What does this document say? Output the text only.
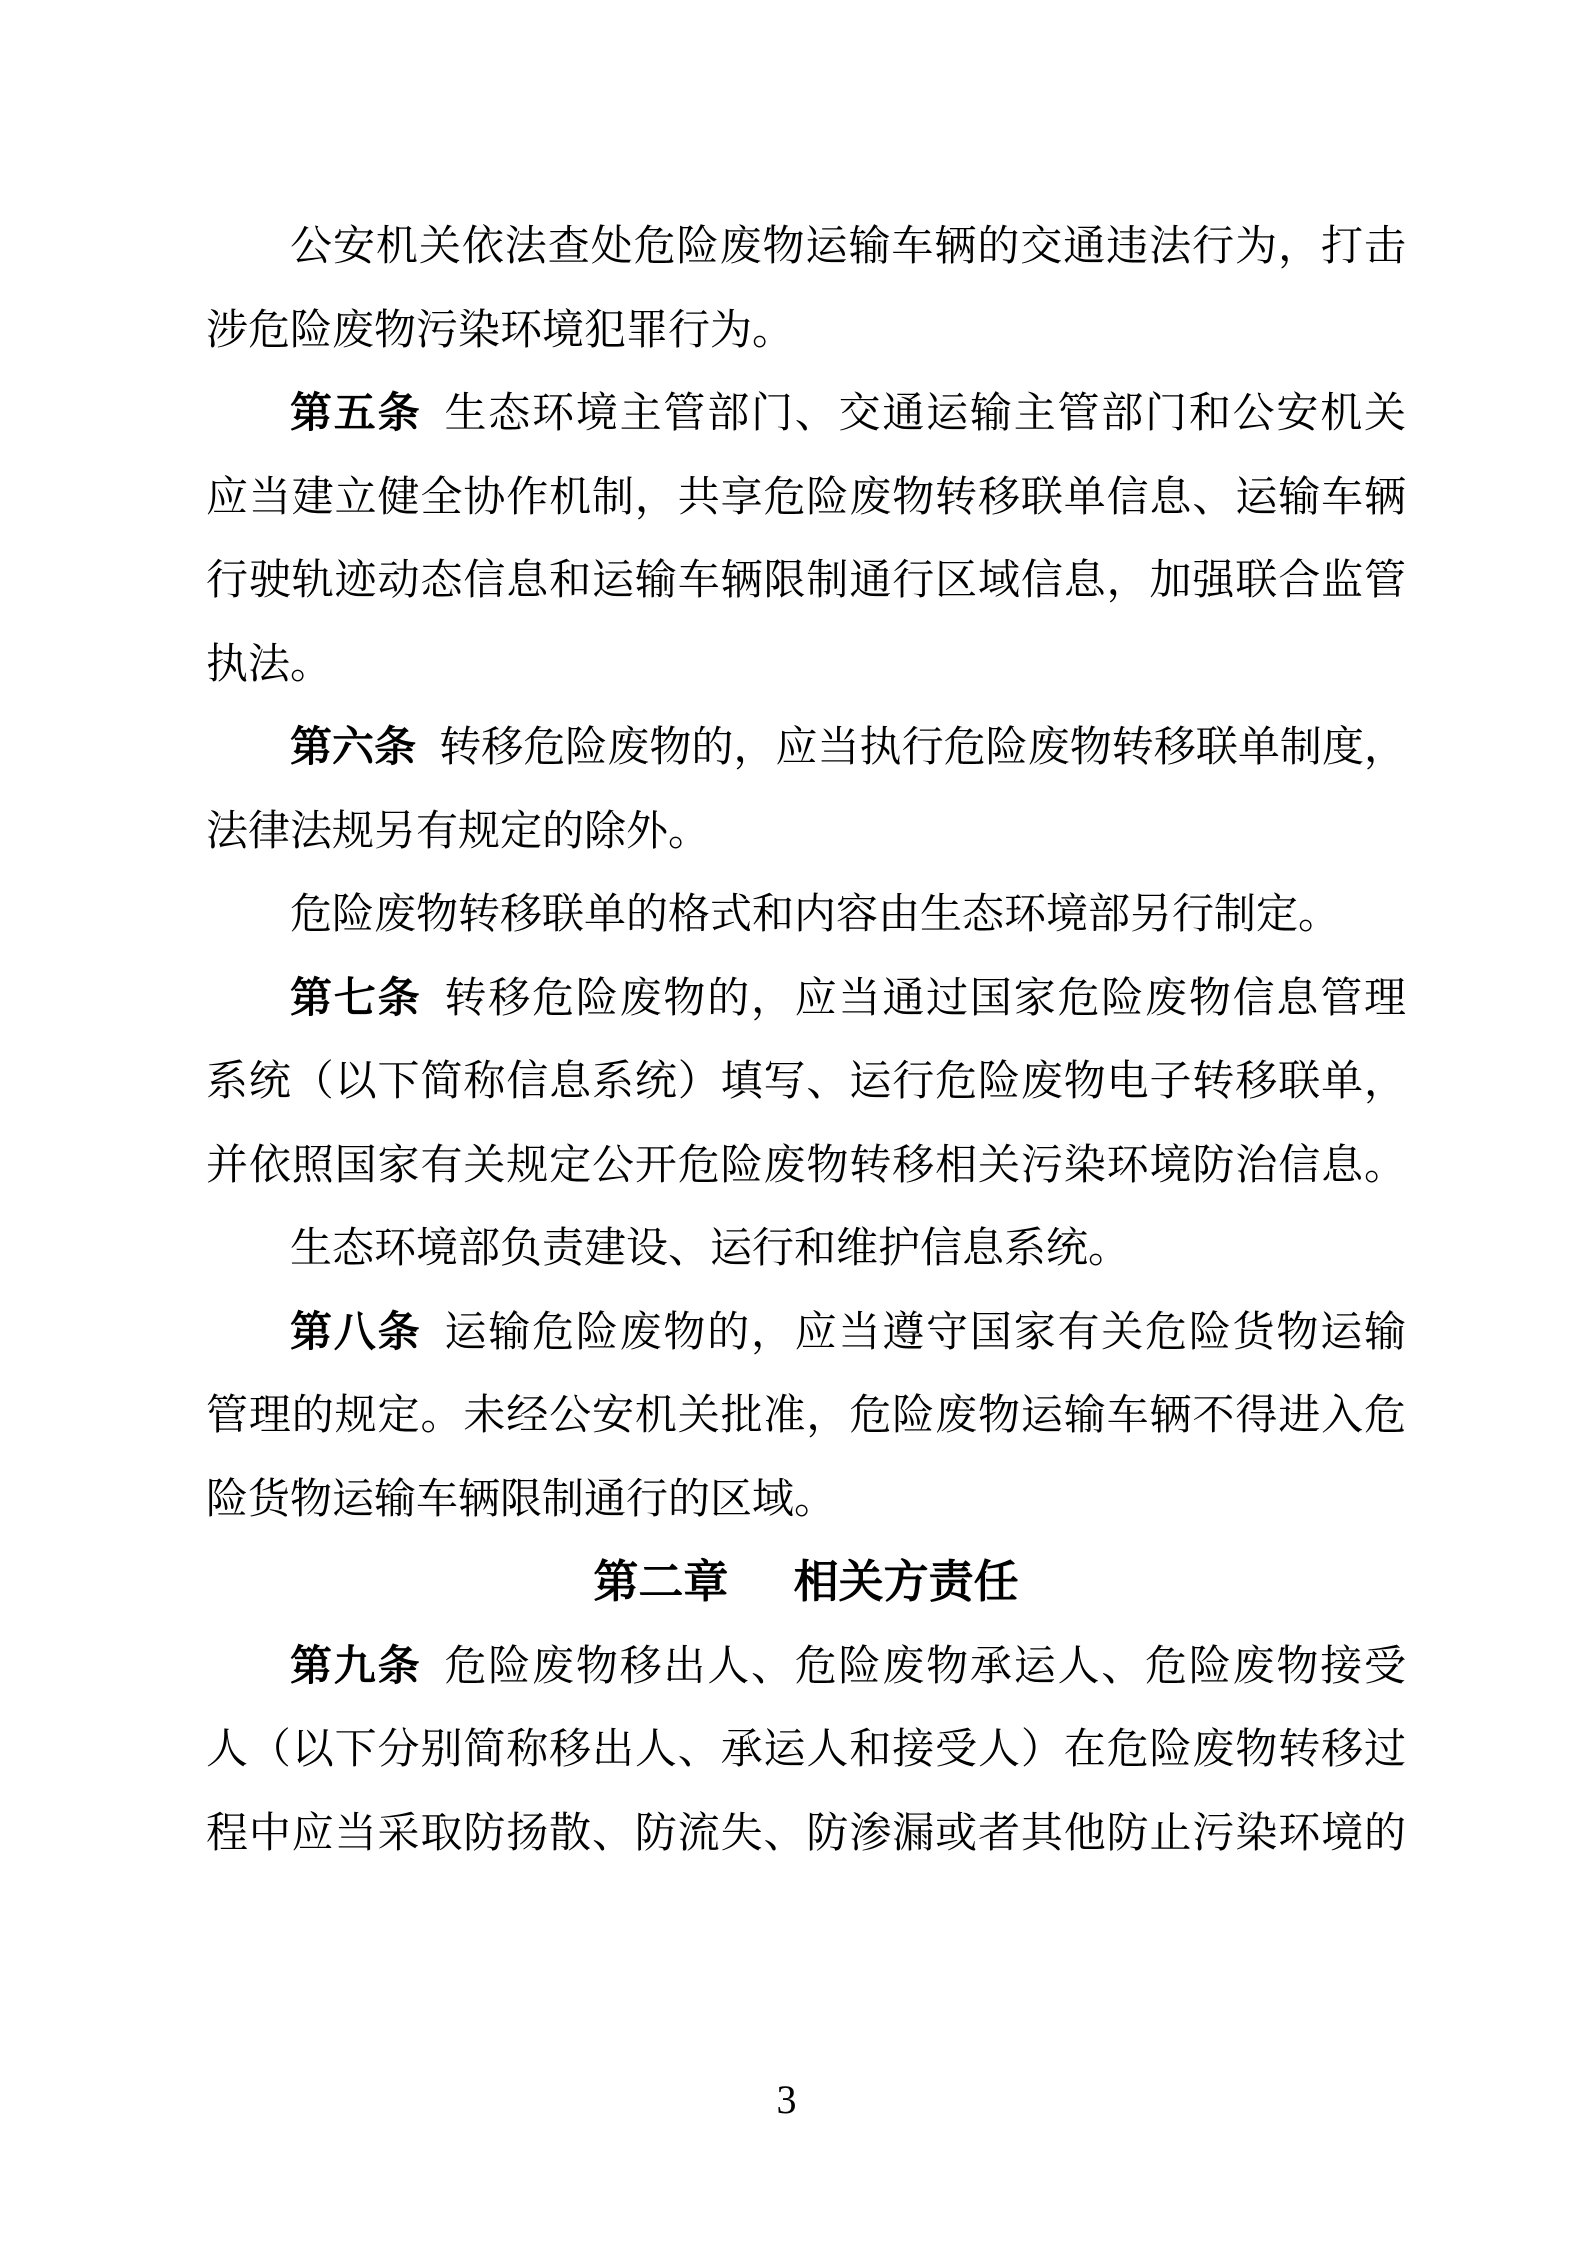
公安机关依法查处危险废物运输车辆的交通违法行为，打击
涉危险废物污染环境犯罪行为。
第五条 生态环境主管部门、交通运输主管部门和公安机关
应当建立健全协作机制，共享危险废物转移联单信息、运输车辆
行驶轨迹动态信息和运输车辆限制通行区域信息，加强联合监管
执法。
第六条 转移危险废物的，应当执行危险废物转移联单制度，
法律法规另有规定的除外。
危险废物转移联单的格式和内容由生态环境部另行制定。
第七条 转移危险废物的，应当通过国家危险废物信息管理
系统（以下简称信息系统）填写、运行危险废物电子转移联单，
并依照国家有关规定公开危险废物转移相关污染环境防治信息。
生态环境部负责建设、运行和维护信息系统。
第八条 运输危险废物的，应当遵守国家有关危险货物运输
管理的规定。未经公安机关批准，危险废物运输车辆不得进入危
险货物运输车辆限制通行的区域。
第二章 相关方责任
第九条 危险废物移出人、危险废物承运人、危险废物接受
人（以下分别简称移出人、承运人和接受人）在危险废物转移过
程中应当采取防扬散、防流失、防渗漏或者其他防止污染环境的
3
